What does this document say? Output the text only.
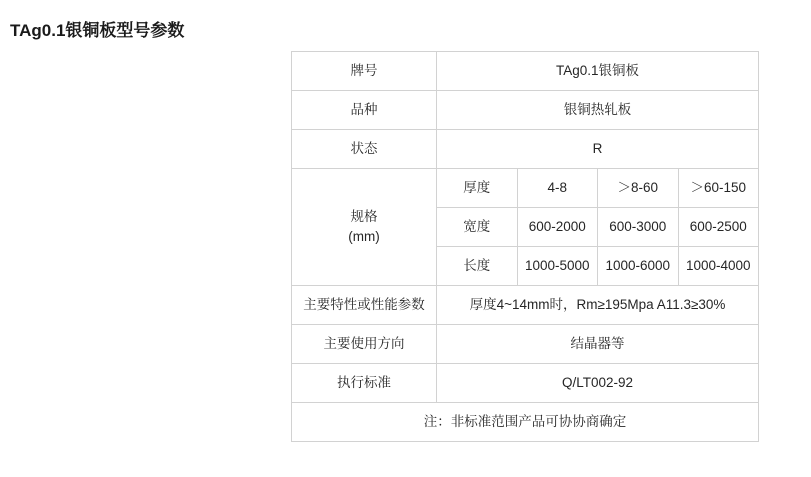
TAg0.1银铜板型号参数
牌号	TAg0.1银铜板			
品种	银铜热轧板			
状态	R			

规格
(mm)	厚度	4-8	＞8-60	＞60-150
	宽度	600-2000	600-3000	600-2500
	长度	1000-5000	1000-6000	1000-4000
主要特性或性能参数	厚度4~14mm时，Rm≥195Mpa A11.3≥30%			
主要使用方向	结晶器等			
执行标准	Q/LT002-92			
注：非标准范围产品可协协商确定				
